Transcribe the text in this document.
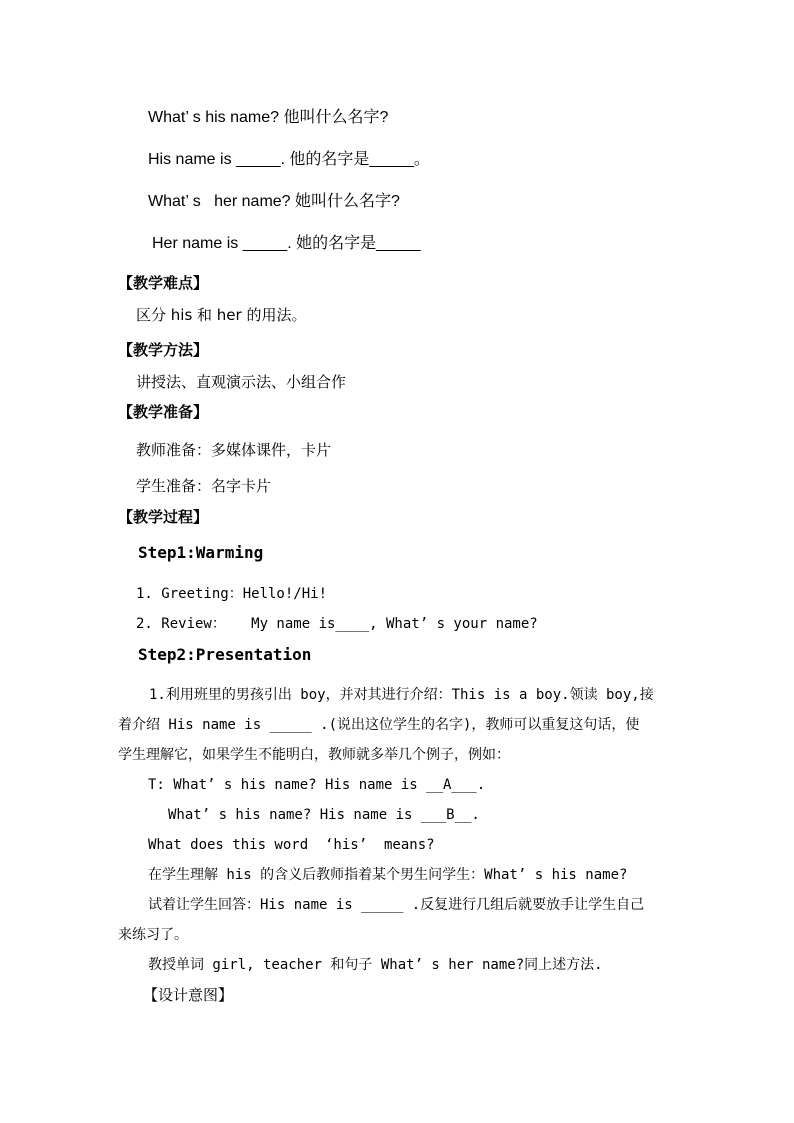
What’ s his name? 他叫什么名字?
His name is _____. 他的名字是_____。
What’ s   her name? 她叫什么名字?
Her name is _____. 她的名字是_____
【教学难点】
区分 his 和 her 的用法。
【教学方法】
讲授法、直观演示法、小组合作
【教学准备】
教师准备：多媒体课件，卡片
学生准备：名字卡片
【教学过程】
Step1:Warming
1. Greeting：Hello!/Hi!
2. Review：   My name is____, What’ s your name?
Step2:Presentation
1.利用班里的男孩引出 boy，并对其进行介绍：This is a boy.领读 boy,接
着介绍 His name is _____ .(说出这位学生的名字)，教师可以重复这句话，使
学生理解它，如果学生不能明白，教师就多举几个例子，例如：
T: What’ s his name? His name is __A___.
What’ s his name? His name is ___B__.
What does this word  ‘his’  means?
在学生理解 his 的含义后教师指着某个男生问学生：What’ s his name?
试着让学生回答：His name is _____ .反复进行几组后就要放手让学生自己
来练习了。
教授单词 girl, teacher 和句子 What’ s her name?同上述方法.
【设计意图】
